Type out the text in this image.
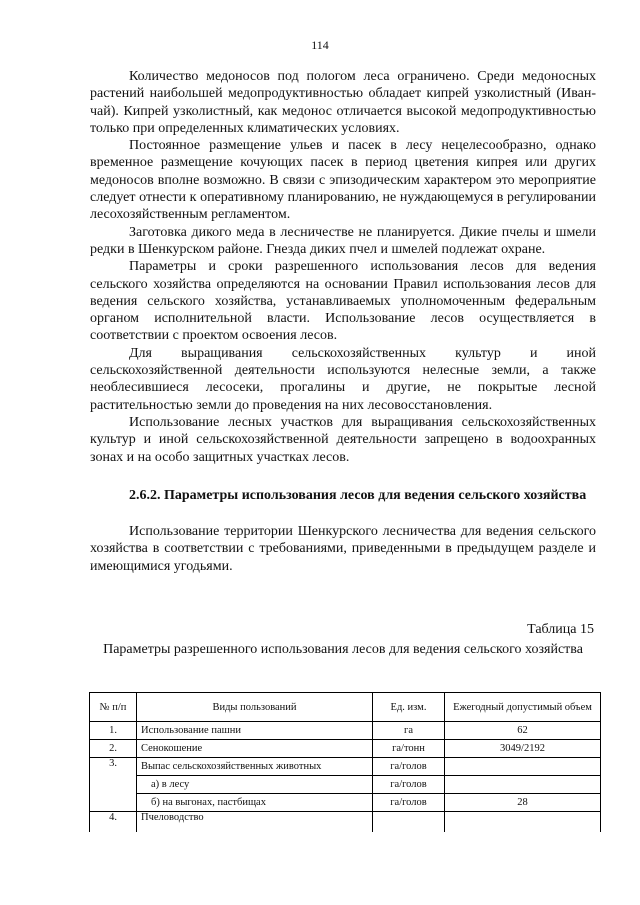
114

Количество медоносов под пологом леса ограничено. Среди медоносных растений наибольшей медопродуктивностью обладает кипрей узколистный (Иван-чай). Кипрей узколистный, как медонос отличается высокой медопродуктивностью только при определенных климатических условиях.

Постоянное размещение ульев и пасек в лесу нецелесообразно, однако временное размещение кочующих пасек в период цветения кипрея или других медоносов вполне возможно. В связи с эпизодическим характером это мероприятие следует отнести к оперативному планированию, не нуждающемуся в регулировании лесохозяйственным регламентом.

Заготовка дикого меда в лесничестве не планируется. Дикие пчелы и шмели редки в Шенкурском районе. Гнезда диких пчел и шмелей подлежат охране.

Параметры и сроки разрешенного использования лесов для ведения сельского хозяйства определяются на основании Правил использования лесов для ведения сельского хозяйства, устанавливаемых уполномоченным федеральным органом исполнительной власти. Использование лесов осуществляется в соответствии с проектом освоения лесов.

Для выращивания сельскохозяйственных культур и иной сельскохозяйственной деятельности используются нелесные земли, а также необлесившиеся лесосеки, прогалины и другие, не покрытые лесной растительностью земли до проведения на них лесовосстановления.

Использование лесных участков для выращивания сельскохозяйственных культур и иной сельскохозяйственной деятельности запрещено в водоохранных зонах и на особо защитных участках лесов.

2.6.2. Параметры использования лесов для ведения сельского хозяйства

Использование территории Шенкурского лесничества для ведения сельского хозяйства в соответствии с требованиями, приведенными в предыдущем разделе и имеющимися угодьями.

Таблица 15
Параметры разрешенного использования лесов для ведения сельского хозяйства
№ п/п	Виды пользований	Ед. изм.	Ежегодный допустимый объем
1.	Использование пашни	га	62
2.	Сенокошение	га/тонн	3049/2192
3.	Выпас сельскохозяйственных животных	га/голов	
	а) в лесу	га/голов	
	б) на выгонах, пастбищах	га/голов	28
4.	Пчеловодство		
